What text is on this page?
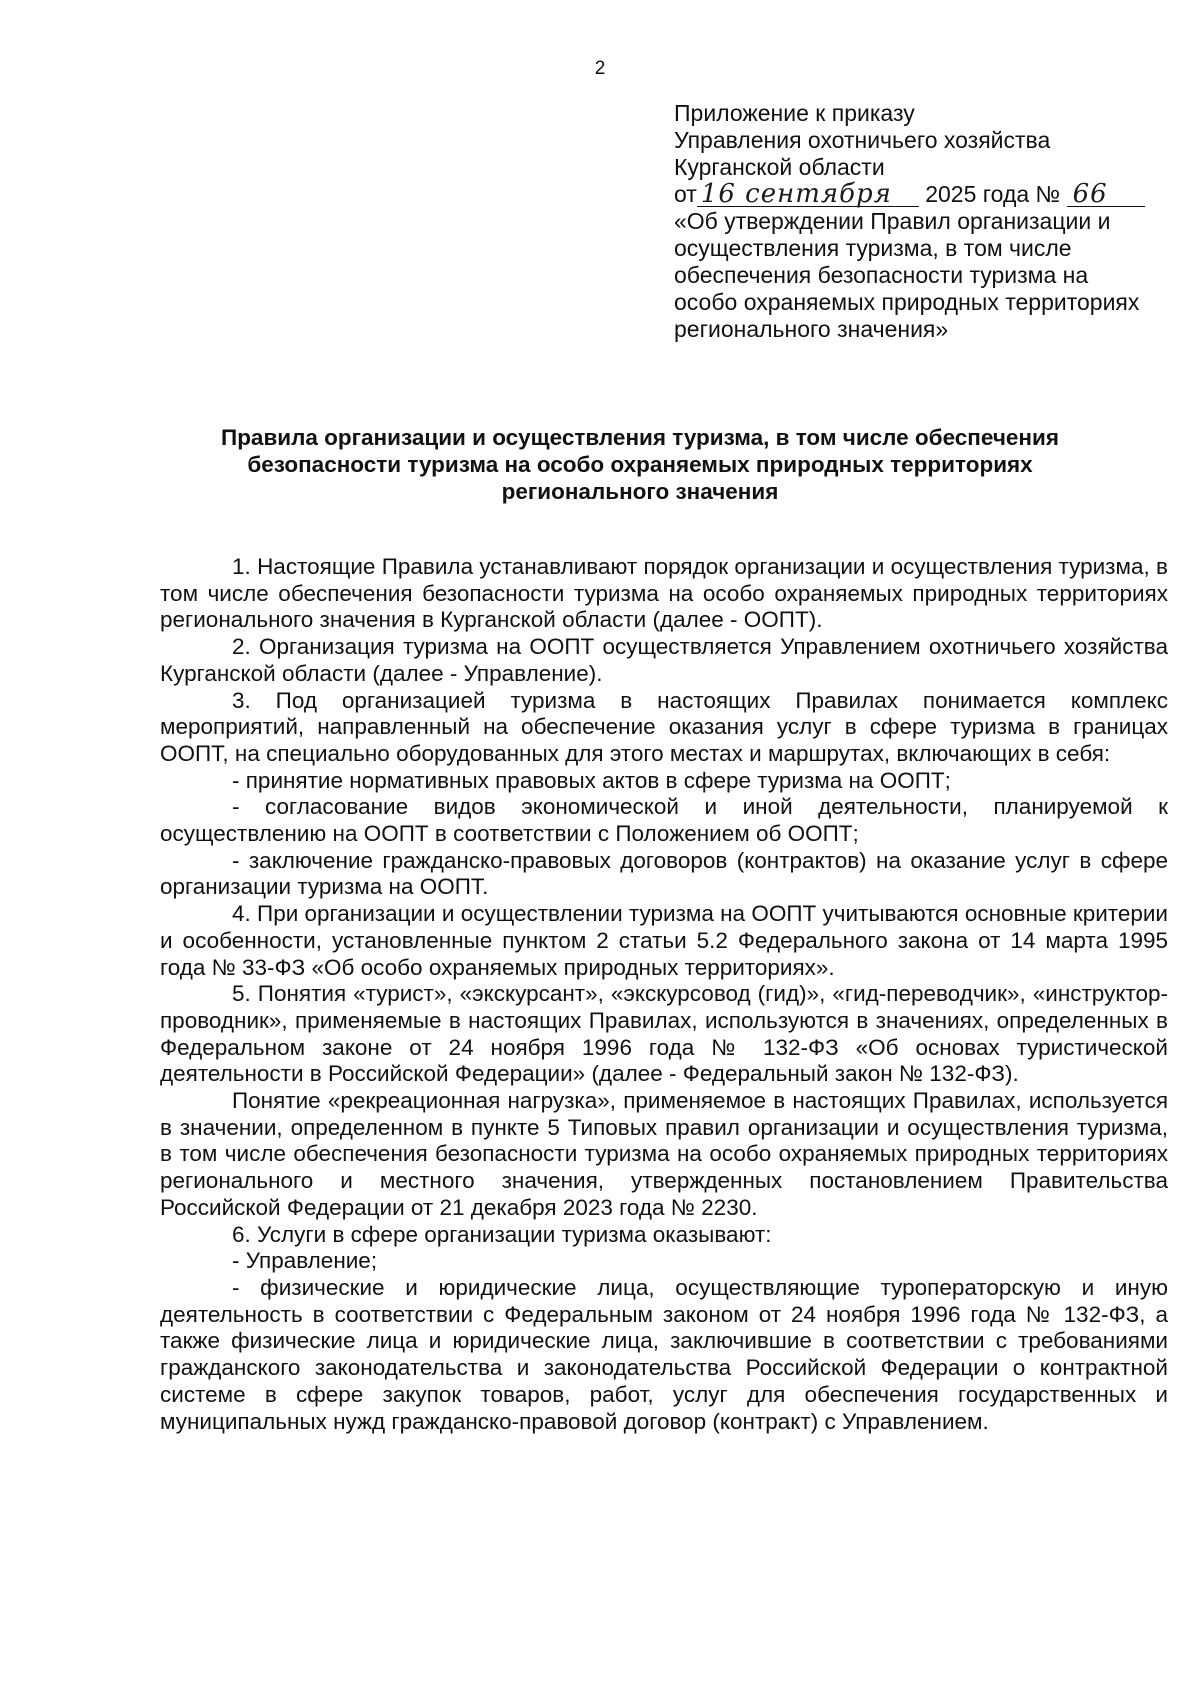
2
Приложение к приказу
Управления охотничьего хозяйства
Курганской области
от 16 сентября 2025 года № 66
«Об утверждении Правил организации и
осуществления туризма, в том числе
обеспечения безопасности туризма на
особо охраняемых природных территориях
регионального значения»
Правила организации и осуществления туризма, в том числе обеспечения
безопасности туризма на особо охраняемых природных территориях
регионального значения

1. Настоящие Правила устанавливают порядок организации и осуществления туризма, в том числе обеспечения безопасности туризма на особо охраняемых природных территориях регионального значения в Курганской области (далее - ООПТ).

2. Организация туризма на ООПТ осуществляется Управлением охотничьего хозяйства Курганской области (далее - Управление).

3. Под организацией туризма в настоящих Правилах понимается комплекс мероприятий, направленный на обеспечение оказания услуг в сфере туризма в границах ООПТ, на специально оборудованных для этого местах и маршрутах, включающих в себя:

- принятие нормативных правовых актов в сфере туризма на ООПТ;

- согласование видов экономической и иной деятельности, планируемой к осуществлению на ООПТ в соответствии с Положением об ООПТ;

- заключение гражданско-правовых договоров (контрактов) на оказание услуг в сфере организации туризма на ООПТ.

4. При организации и осуществлении туризма на ООПТ учитываются основные критерии и особенности, установленные пунктом 2 статьи 5.2 Федерального закона от 14 марта 1995 года № 33-ФЗ «Об особо охраняемых природных территориях».

5. Понятия «турист», «экскурсант», «экскурсовод (гид)», «гид-переводчик», «инструктор-проводник», применяемые в настоящих Правилах, используются в значениях, определенных в Федеральном законе от 24 ноября 1996 года № 132-ФЗ «Об основах туристической деятельности в Российской Федерации» (далее - Федеральный закон № 132-ФЗ).

Понятие «рекреационная нагрузка», применяемое в настоящих Правилах, используется в значении, определенном в пункте 5 Типовых правил организации и осуществления туризма, в том числе обеспечения безопасности туризма на особо охраняемых природных территориях регионального и местного значения, утвержденных постановлением Правительства Российской Федерации от 21 декабря 2023 года № 2230.

6. Услуги в сфере организации туризма оказывают:

- Управление;

- физические и юридические лица, осуществляющие туроператорскую и иную деятельность в соответствии с Федеральным законом от 24 ноября 1996 года № 132-ФЗ, а также физические лица и юридические лица, заключившие в соответствии с требованиями гражданского законодательства и законодательства Российской Федерации о контрактной системе в сфере закупок товаров, работ, услуг для обеспечения государственных и муниципальных нужд гражданско-правовой договор (контракт) с Управлением.
